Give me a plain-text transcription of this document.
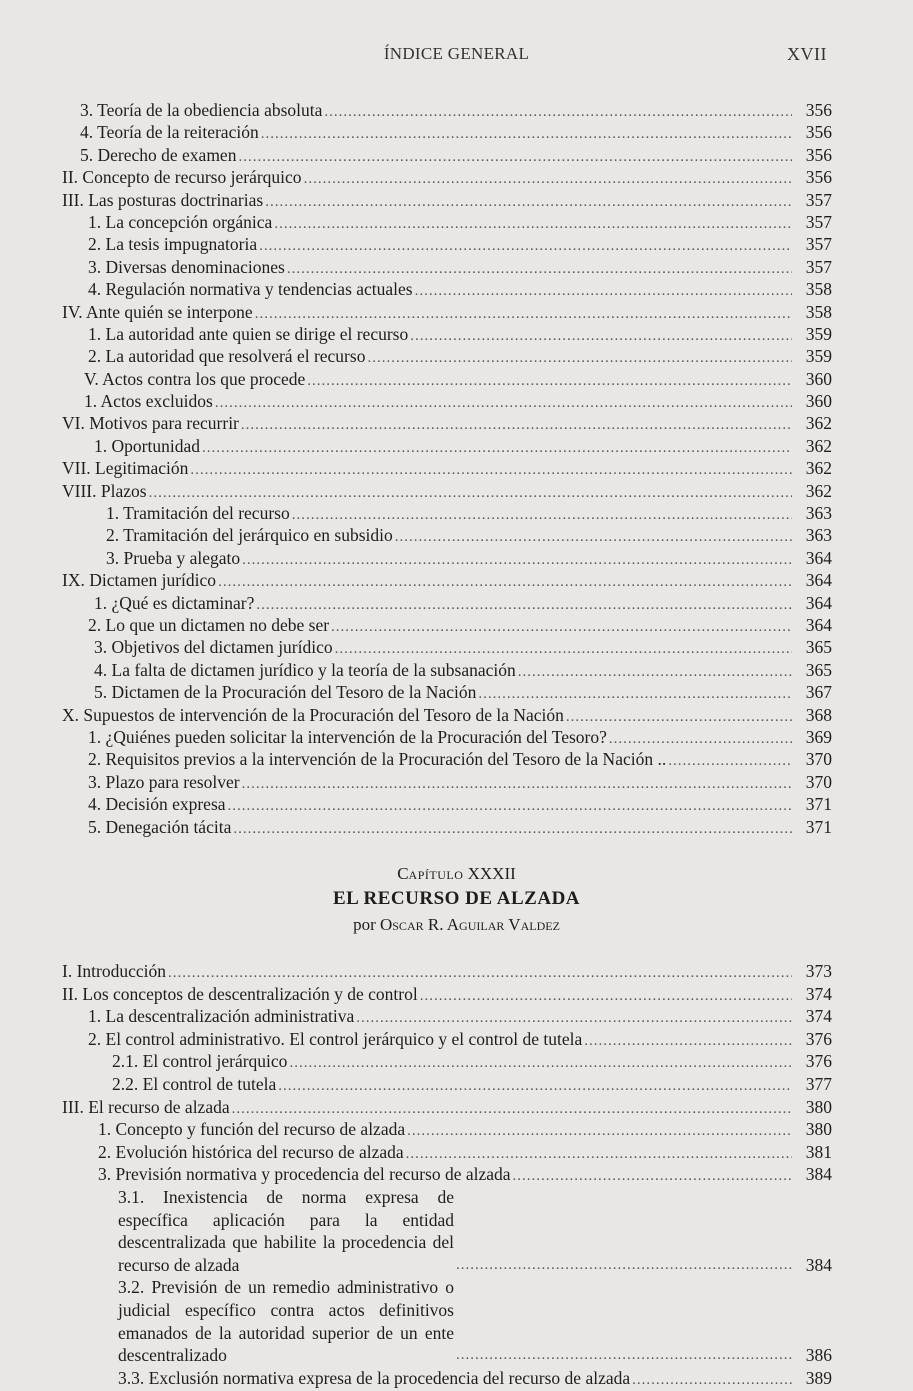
ÍNDICE GENERAL	XVII
3. Teoría de la obediencia absoluta .....	356
4. Teoría de la reiteración .....	356
5. Derecho de examen .....	356
II. Concepto de recurso jerárquico .....	356
III. Las posturas doctrinarias .....	357
1. La concepción orgánica .....	357
2. La tesis impugnatoria .....	357
3. Diversas denominaciones .....	357
4. Regulación normativa y tendencias actuales .....	358
IV. Ante quién se interpone .....	358
1. La autoridad ante quien se dirige el recurso .....	359
2. La autoridad que resolverá el recurso .....	359
V. Actos contra los que procede .....	360
1. Actos excluidos .....	360
VI. Motivos para recurrir .....	362
1. Oportunidad .....	362
VII. Legitimación .....	362
VIII. Plazos .....	362
1. Tramitación del recurso .....	363
2. Tramitación del jerárquico en subsidio .....	363
3. Prueba y alegato .....	364
IX. Dictamen jurídico .....	364
1. ¿Qué es dictaminar? .....	364
2. Lo que un dictamen no debe ser .....	364
3. Objetivos del dictamen jurídico .....	365
4. La falta de dictamen jurídico y la teoría de la subsanación .....	365
5. Dictamen de la Procuración del Tesoro de la Nación .....	367
X. Supuestos de intervención de la Procuración del Tesoro de la Nación .....	368
1. ¿Quiénes pueden solicitar la intervención de la Procuración del Tesoro? .....	369
2. Requisitos previos a la intervención de la Procuración del Tesoro de la Nación .. .....	370
3. Plazo para resolver .....	370
4. Decisión expresa .....	371
5. Denegación tácita .....	371
Capítulo XXXII
EL RECURSO DE ALZADA
por Oscar R. Aguilar Valdez
I. Introducción .....	373
II. Los conceptos de descentralización y de control .....	374
1. La descentralización administrativa .....	374
2. El control administrativo. El control jerárquico y el control de tutela .....	376
2.1. El control jerárquico .....	376
2.2. El control de tutela .....	377
III. El recurso de alzada .....	380
1. Concepto y función del recurso de alzada .....	380
2. Evolución histórica del recurso de alzada .....	381
3. Previsión normativa y procedencia del recurso de alzada .....	384
3.1. Inexistencia de norma expresa de específica aplicación para la entidad descentralizada que habilite la procedencia del recurso de alzada .....	384
3.2. Previsión de un remedio administrativo o judicial específico contra actos definitivos emanados de la autoridad superior de un ente descentralizado .....	386
3.3. Exclusión normativa expresa de la procedencia del recurso de alzada .....	389
